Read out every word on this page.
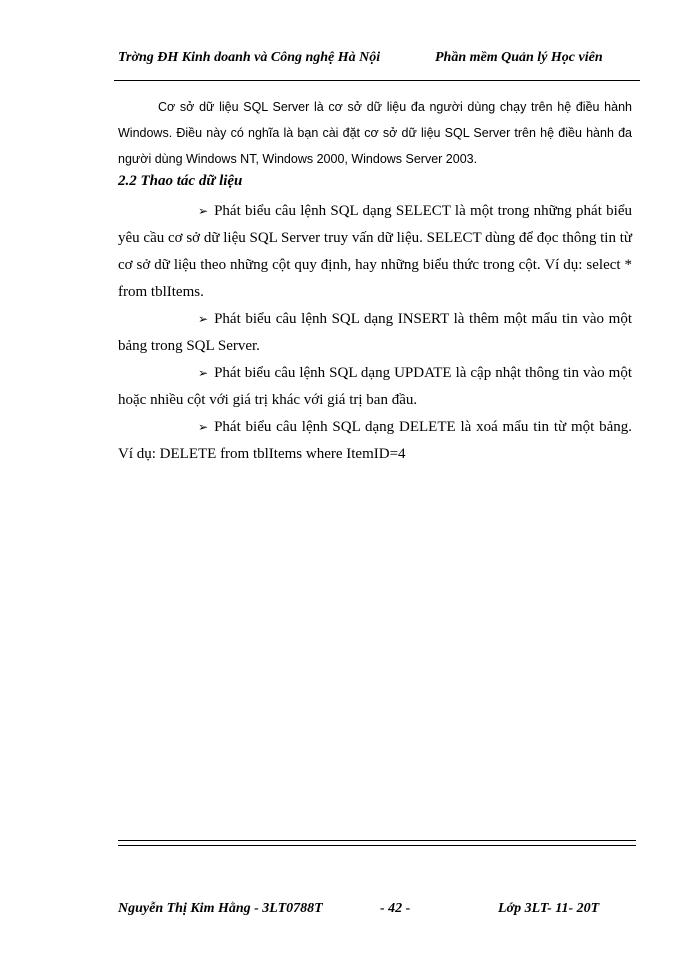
Trờng ĐH Kinh doanh và Công nghệ Hà Nội	Phần mềm Quản lý Học viên

Cơ sở dữ liệu SQL Server là cơ sở dữ liệu đa người dùng chạy trên hệ điều hành Windows. Điều này có nghĩa là bạn cài đặt cơ sở dữ liệu SQL Server trên hệ điều hành đa người dùng Windows NT, Windows 2000, Windows Server 2003.

2.2 Thao tác dữ liệu

➢ Phát biểu câu lệnh SQL dạng SELECT là một trong những phát biểu yêu cầu cơ sở dữ liệu SQL Server truy vấn dữ liệu. SELECT dùng để đọc thông tin từ cơ sở dữ liệu theo những cột quy định, hay những biểu thức trong cột. Ví dụ: select * from tblItems.

➢ Phát biểu câu lệnh SQL dạng INSERT là thêm một mẩu tin vào một bảng trong SQL Server.

➢ Phát biểu câu lệnh SQL dạng UPDATE là cập nhật thông tin vào một hoặc nhiều cột với giá trị khác với giá trị ban đầu.

➢ Phát biểu câu lệnh SQL dạng DELETE là xoá mẩu tin từ một bảng. Ví dụ: DELETE from tblItems where ItemID=4

Nguyễn Thị Kim Hằng - 3LT0788T	- 42 -	Lớp 3LT- 11- 20T
